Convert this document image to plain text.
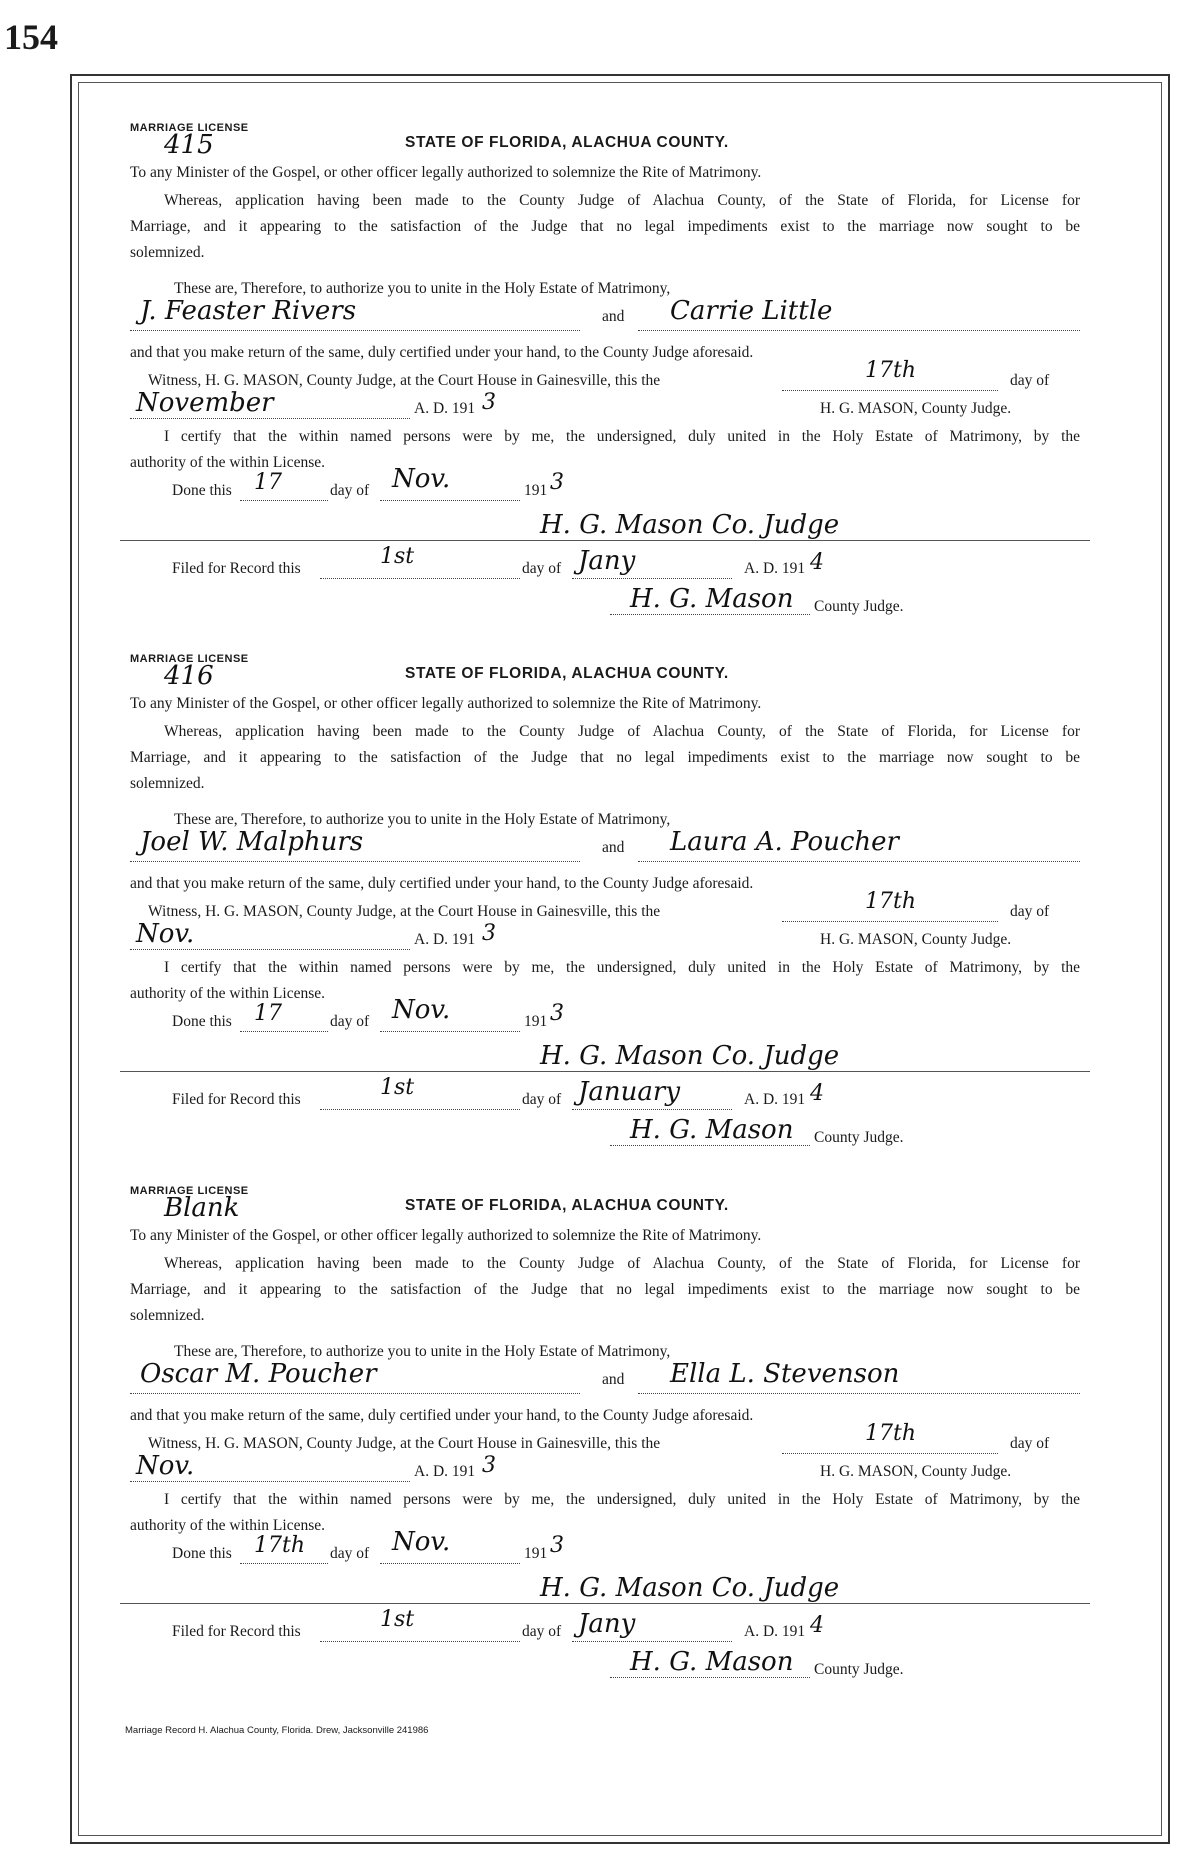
154
MARRIAGE LICENSE
415	STATE OF FLORIDA, ALACHUA COUNTY.
To any Minister of the Gospel, or other officer legally authorized to solemnize the Rite of Matrimony.
Whereas, application having been made to the County Judge of Alachua County, of the State of Florida, for License for
Marriage, and it appearing to the satisfaction of the Judge that no legal impediments exist to the marriage now sought to be
solemnized.
These are, Therefore, to authorize you to unite in the Holy Estate of Matrimony,
J. Feaster Rivers	and Carrie Little
and that you make return of the same, duly certified under your hand, to the County Judge aforesaid.
Witness, H. G. MASON, County Judge, at the Court House in Gainesville, this the	17th	day of
November	A. D. 191 3	H. G. MASON, County Judge.
I certify that the within named persons were by me, the undersigned, duly united in the Holy Estate of Matrimony, by the
authority of the within License.
Done this 17	day of Nov.	191 3
H. G. Mason Co. Judge
Filed for Record this	1st	day of Jany	A. D. 191 4
H. G. Mason County Judge.
MARRIAGE LICENSE
416	STATE OF FLORIDA, ALACHUA COUNTY.
To any Minister of the Gospel, or other officer legally authorized to solemnize the Rite of Matrimony.
Whereas, application having been made to the County Judge of Alachua County, of the State of Florida, for License for
Marriage, and it appearing to the satisfaction of the Judge that no legal impediments exist to the marriage now sought to be
solemnized.
These are, Therefore, to authorize you to unite in the Holy Estate of Matrimony,
Joel W. Malphurs	and Laura A. Poucher
and that you make return of the same, duly certified under your hand, to the County Judge aforesaid.
Witness, H. G. MASON, County Judge, at the Court House in Gainesville, this the	17th	day of
Nov.	A. D. 191 3	H. G. MASON, County Judge.
I certify that the within named persons were by me, the undersigned, duly united in the Holy Estate of Matrimony, by the
authority of the within License.
Done this 17	day of Nov.	191 3
H. G. Mason Co. Judge
Filed for Record this	1st	day of January	A. D. 191 4
H. G. Mason County Judge.
MARRIAGE LICENSE
Blank	STATE OF FLORIDA, ALACHUA COUNTY.
To any Minister of the Gospel, or other officer legally authorized to solemnize the Rite of Matrimony.
Whereas, application having been made to the County Judge of Alachua County, of the State of Florida, for License for
Marriage, and it appearing to the satisfaction of the Judge that no legal impediments exist to the marriage now sought to be
solemnized.
These are, Therefore, to authorize you to unite in the Holy Estate of Matrimony,
Oscar M. Poucher	and Ella L. Stevenson
and that you make return of the same, duly certified under your hand, to the County Judge aforesaid.
Witness, H. G. MASON, County Judge, at the Court House in Gainesville, this the	17th	day of
Nov.	A. D. 191 3	H. G. MASON, County Judge.
I certify that the within named persons were by me, the undersigned, duly united in the Holy Estate of Matrimony, by the
authority of the within License.
Done this 17th day of Nov.	191 3
H. G. Mason Co. Judge
Filed for Record this	1st	day of Jany	A. D. 191 4
H. G. Mason County Judge.
Marriage Record H. Alachua County, Florida. Drew, Jacksonville 241986
